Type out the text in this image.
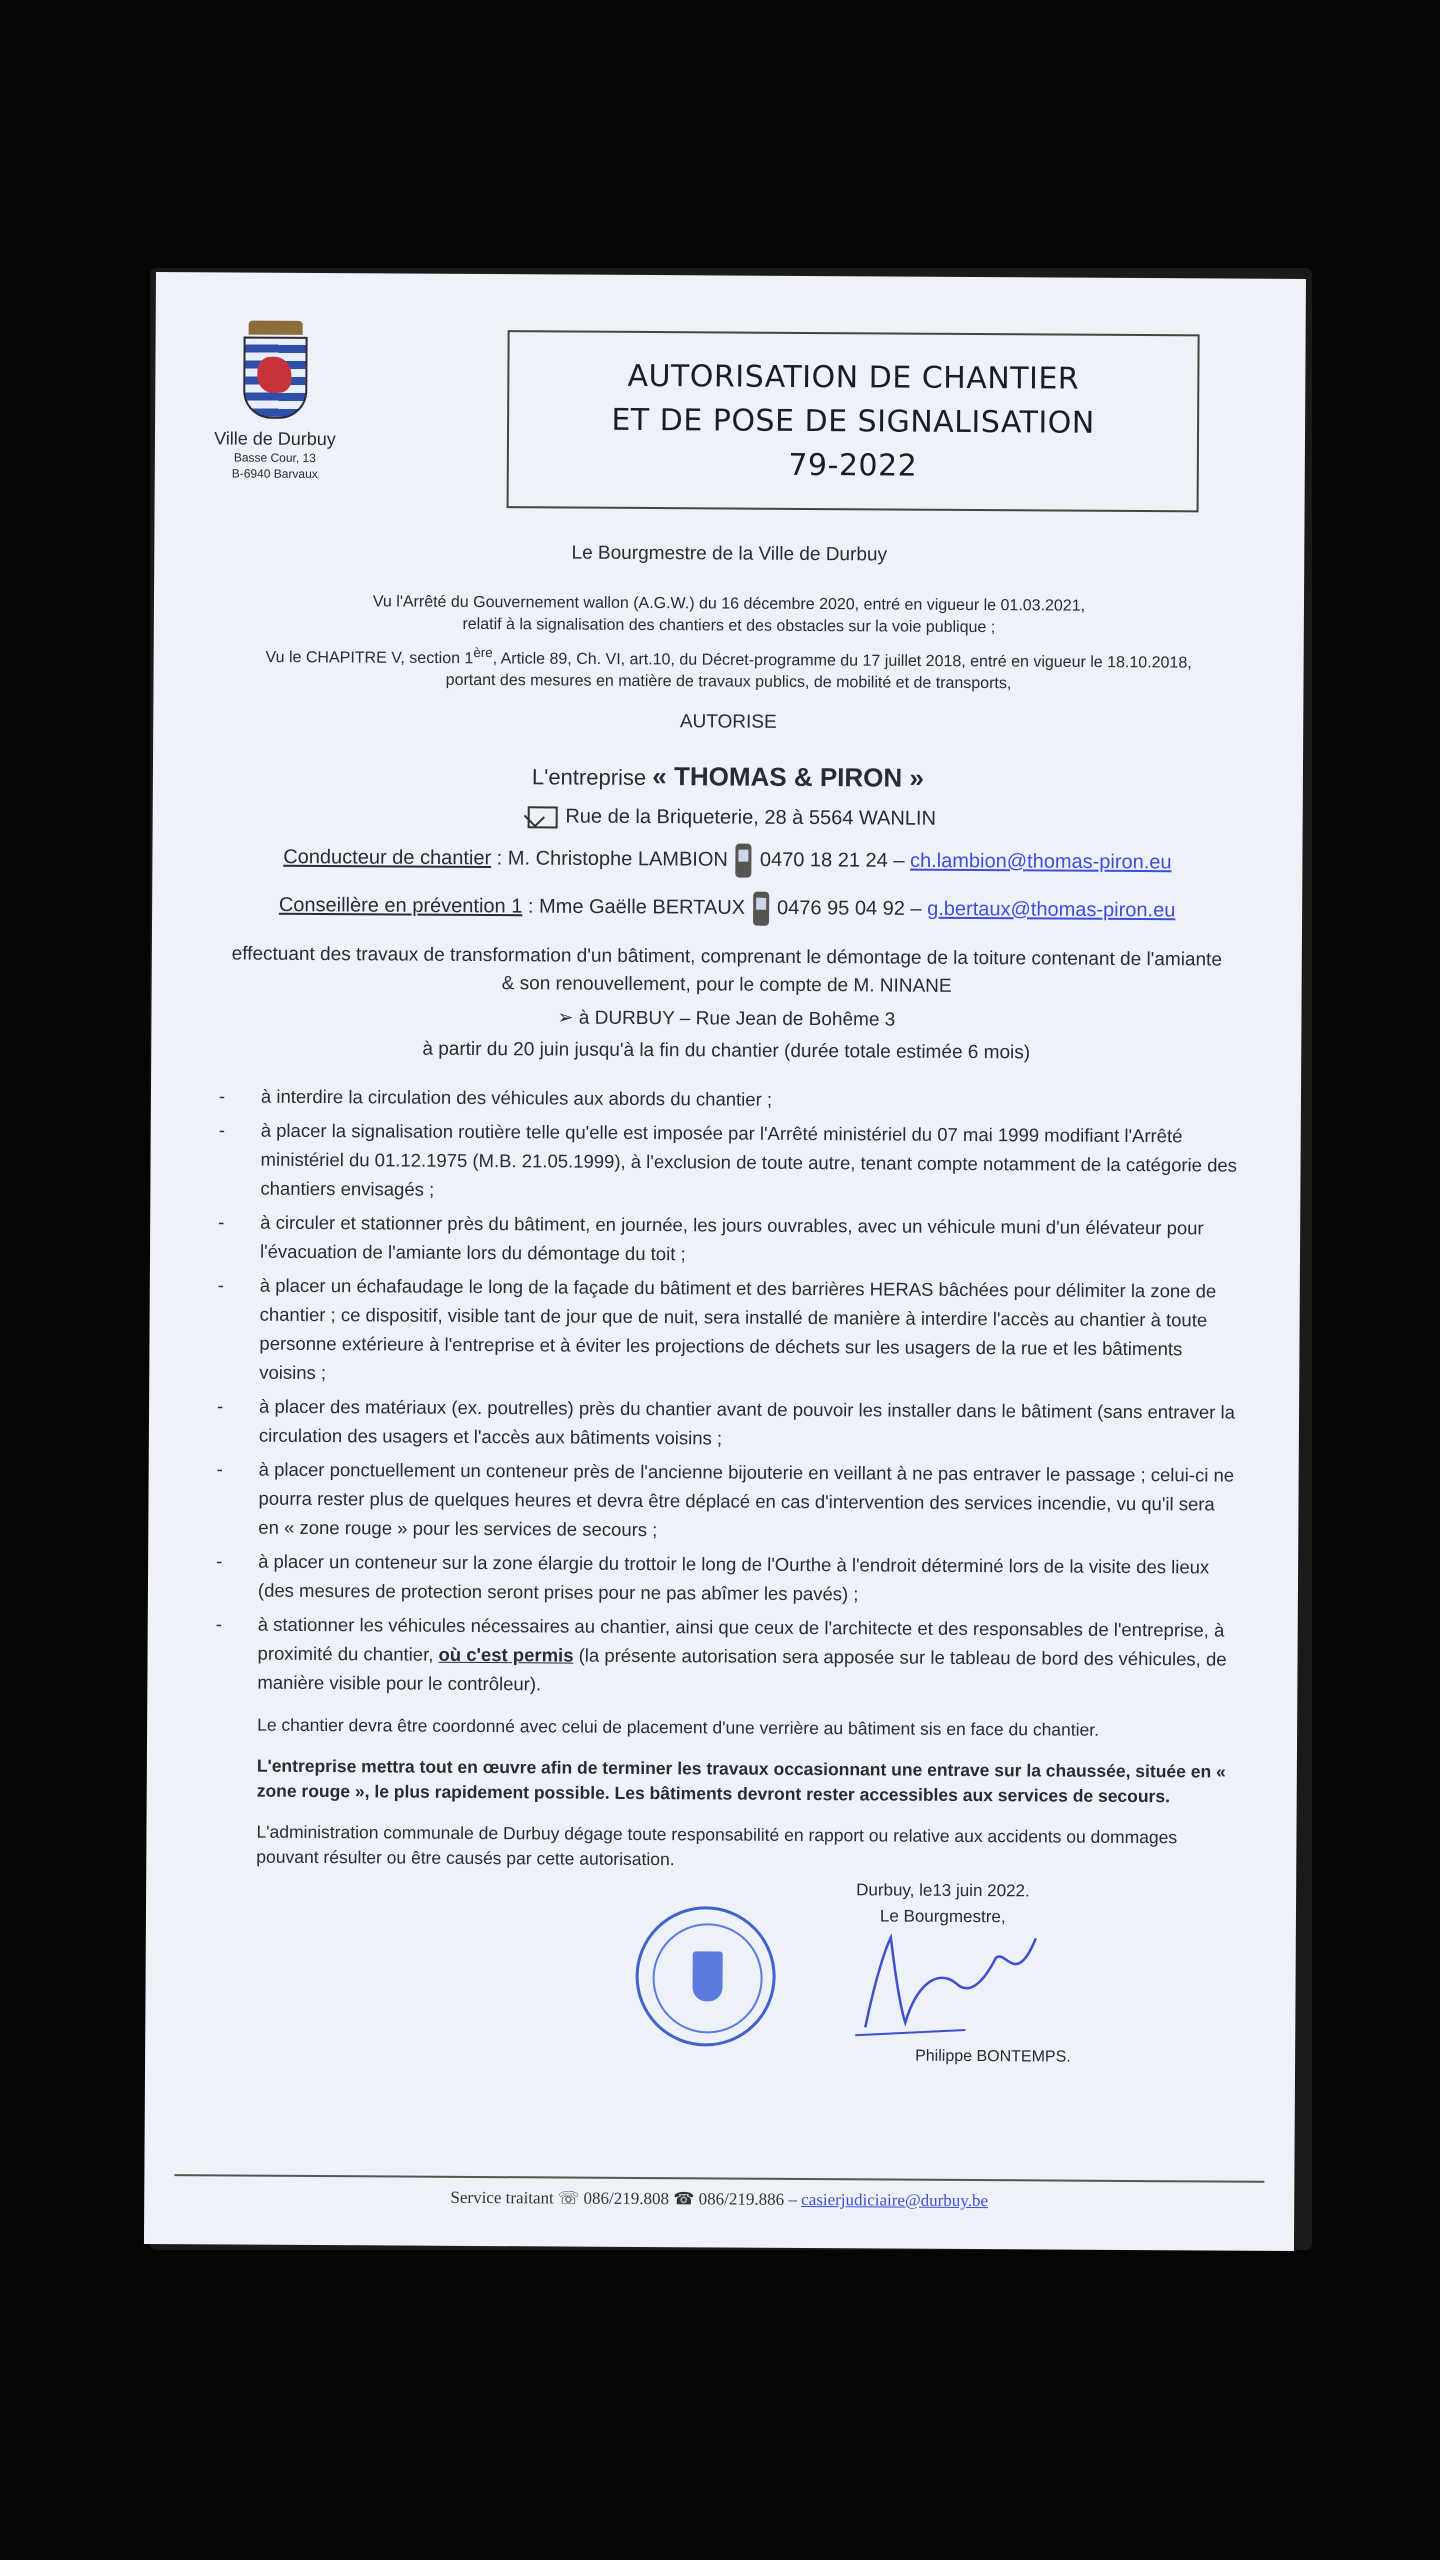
Ville de Durbuy
Basse Cour, 13
B-6940 Barvaux
AUTORISATION DE CHANTIER
ET DE POSE DE SIGNALISATION
79-2022

Le Bourgmestre de la Ville de Durbuy

Vu l'Arrêté du Gouvernement wallon (A.G.W.) du 16 décembre 2020, entré en vigueur le 01.03.2021,
relatif à la signalisation des chantiers et des obstacles sur la voie publique ;
Vu le CHAPITRE V, section 1ère, Article 89, Ch. VI, art.10, du Décret-programme du 17 juillet 2018, entré en vigueur le 18.10.2018,
portant des mesures en matière de travaux publics, de mobilité et de transports,

AUTORISE

L'entreprise « THOMAS & PIRON »

Rue de la Briqueterie, 28 à 5564 WANLIN

Conducteur de chantier : M. Christophe LAMBION 0470 18 21 24 – ch.lambion@thomas-piron.eu

Conseillère en prévention 1 : Mme Gaëlle BERTAUX 0476 95 04 92 – g.bertaux@thomas-piron.eu

effectuant des travaux de transformation d'un bâtiment, comprenant le démontage de la toiture contenant de l'amiante
& son renouvellement, pour le compte de M. NINANE

➢ à DURBUY – Rue Jean de Bohême 3

à partir du 20 juin jusqu'à la fin du chantier (durée totale estimée 6 mois)

- à interdire la circulation des véhicules aux abords du chantier ;
- à placer la signalisation routière telle qu'elle est imposée par l'Arrêté ministériel du 07 mai 1999 modifiant l'Arrêté ministériel du 01.12.1975 (M.B. 21.05.1999), à l'exclusion de toute autre, tenant compte notamment de la catégorie des chantiers envisagés ;
- à circuler et stationner près du bâtiment, en journée, les jours ouvrables, avec un véhicule muni d'un élévateur pour l'évacuation de l'amiante lors du démontage du toit ;
- à placer un échafaudage le long de la façade du bâtiment et des barrières HERAS bâchées pour délimiter la zone de chantier ; ce dispositif, visible tant de jour que de nuit, sera installé de manière à interdire l'accès au chantier à toute personne extérieure à l'entreprise et à éviter les projections de déchets sur les usagers de la rue et les bâtiments voisins ;
- à placer des matériaux (ex. poutrelles) près du chantier avant de pouvoir les installer dans le bâtiment (sans entraver la circulation des usagers et l'accès aux bâtiments voisins ;
- à placer ponctuellement un conteneur près de l'ancienne bijouterie en veillant à ne pas entraver le passage ; celui-ci ne pourra rester plus de quelques heures et devra être déplacé en cas d'intervention des services incendie, vu qu'il sera en « zone rouge » pour les services de secours ;
- à placer un conteneur sur la zone élargie du trottoir le long de l'Ourthe à l'endroit déterminé lors de la visite des lieux (des mesures de protection seront prises pour ne pas abîmer les pavés) ;
- à stationner les véhicules nécessaires au chantier, ainsi que ceux de l'architecte et des responsables de l'entreprise, à proximité du chantier, où c'est permis (la présente autorisation sera apposée sur le tableau de bord des véhicules, de manière visible pour le contrôleur).

Le chantier devra être coordonné avec celui de placement d'une verrière au bâtiment sis en face du chantier.

L'entreprise mettra tout en œuvre afin de terminer les travaux occasionnant une entrave sur la chaussée, située en « zone rouge », le plus rapidement possible. Les bâtiments devront rester accessibles aux services de secours.

L'administration communale de Durbuy dégage toute responsabilité en rapport ou relative aux accidents ou dommages pouvant résulter ou être causés par cette autorisation.

Durbuy, le13 juin 2022.
Le Bourgmestre,
Philippe BONTEMPS.
Service traitant ☏ 086/219.808 ☎ 086/219.886 – casierjudiciaire@durbuy.be
